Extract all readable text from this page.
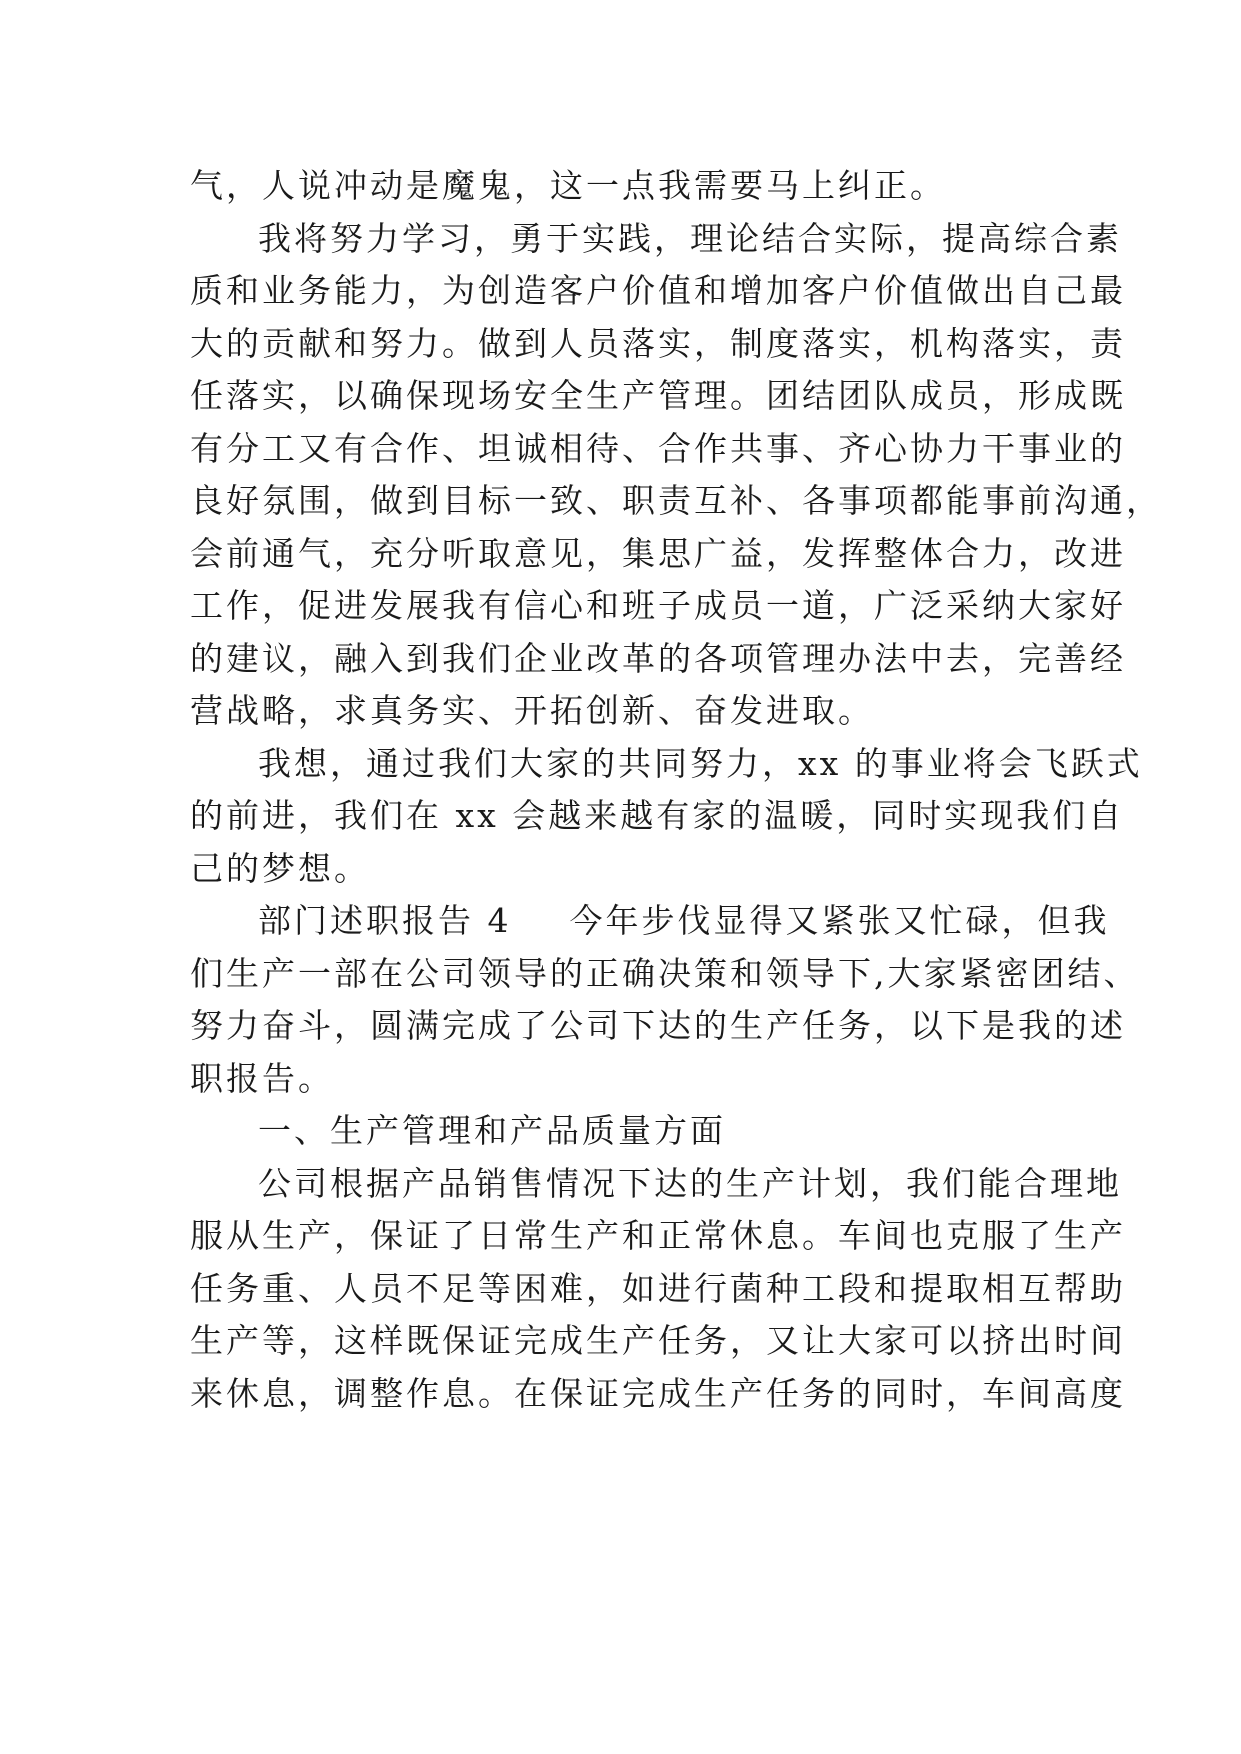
气，人说冲动是魔鬼，这一点我需要马上纠正。
我将努力学习，勇于实践，理论结合实际，提高综合素
质和业务能力，为创造客户价值和增加客户价值做出自己最
大的贡献和努力。做到人员落实，制度落实，机构落实，责
任落实，以确保现场安全生产管理。团结团队成员，形成既
有分工又有合作、坦诚相待、合作共事、齐心协力干事业的
良好氛围，做到目标一致、职责互补、各事项都能事前沟通，
会前通气，充分听取意见，集思广益，发挥整体合力，改进
工作，促进发展我有信心和班子成员一道，广泛采纳大家好
的建议，融入到我们企业改革的各项管理办法中去，完善经
营战略，求真务实、开拓创新、奋发进取。
我想，通过我们大家的共同努力，xx 的事业将会飞跃式
的前进，我们在 xx 会越来越有家的温暖，同时实现我们自
己的梦想。
部门述职报告 4 今年步伐显得又紧张又忙碌，但我
们生产一部在公司领导的正确决策和领导下,大家紧密团结、
努力奋斗，圆满完成了公司下达的生产任务，以下是我的述
职报告。
一、生产管理和产品质量方面
公司根据产品销售情况下达的生产计划，我们能合理地
服从生产，保证了日常生产和正常休息。车间也克服了生产
任务重、人员不足等困难，如进行菌种工段和提取相互帮助
生产等，这样既保证完成生产任务，又让大家可以挤出时间
来休息，调整作息。在保证完成生产任务的同时，车间高度
